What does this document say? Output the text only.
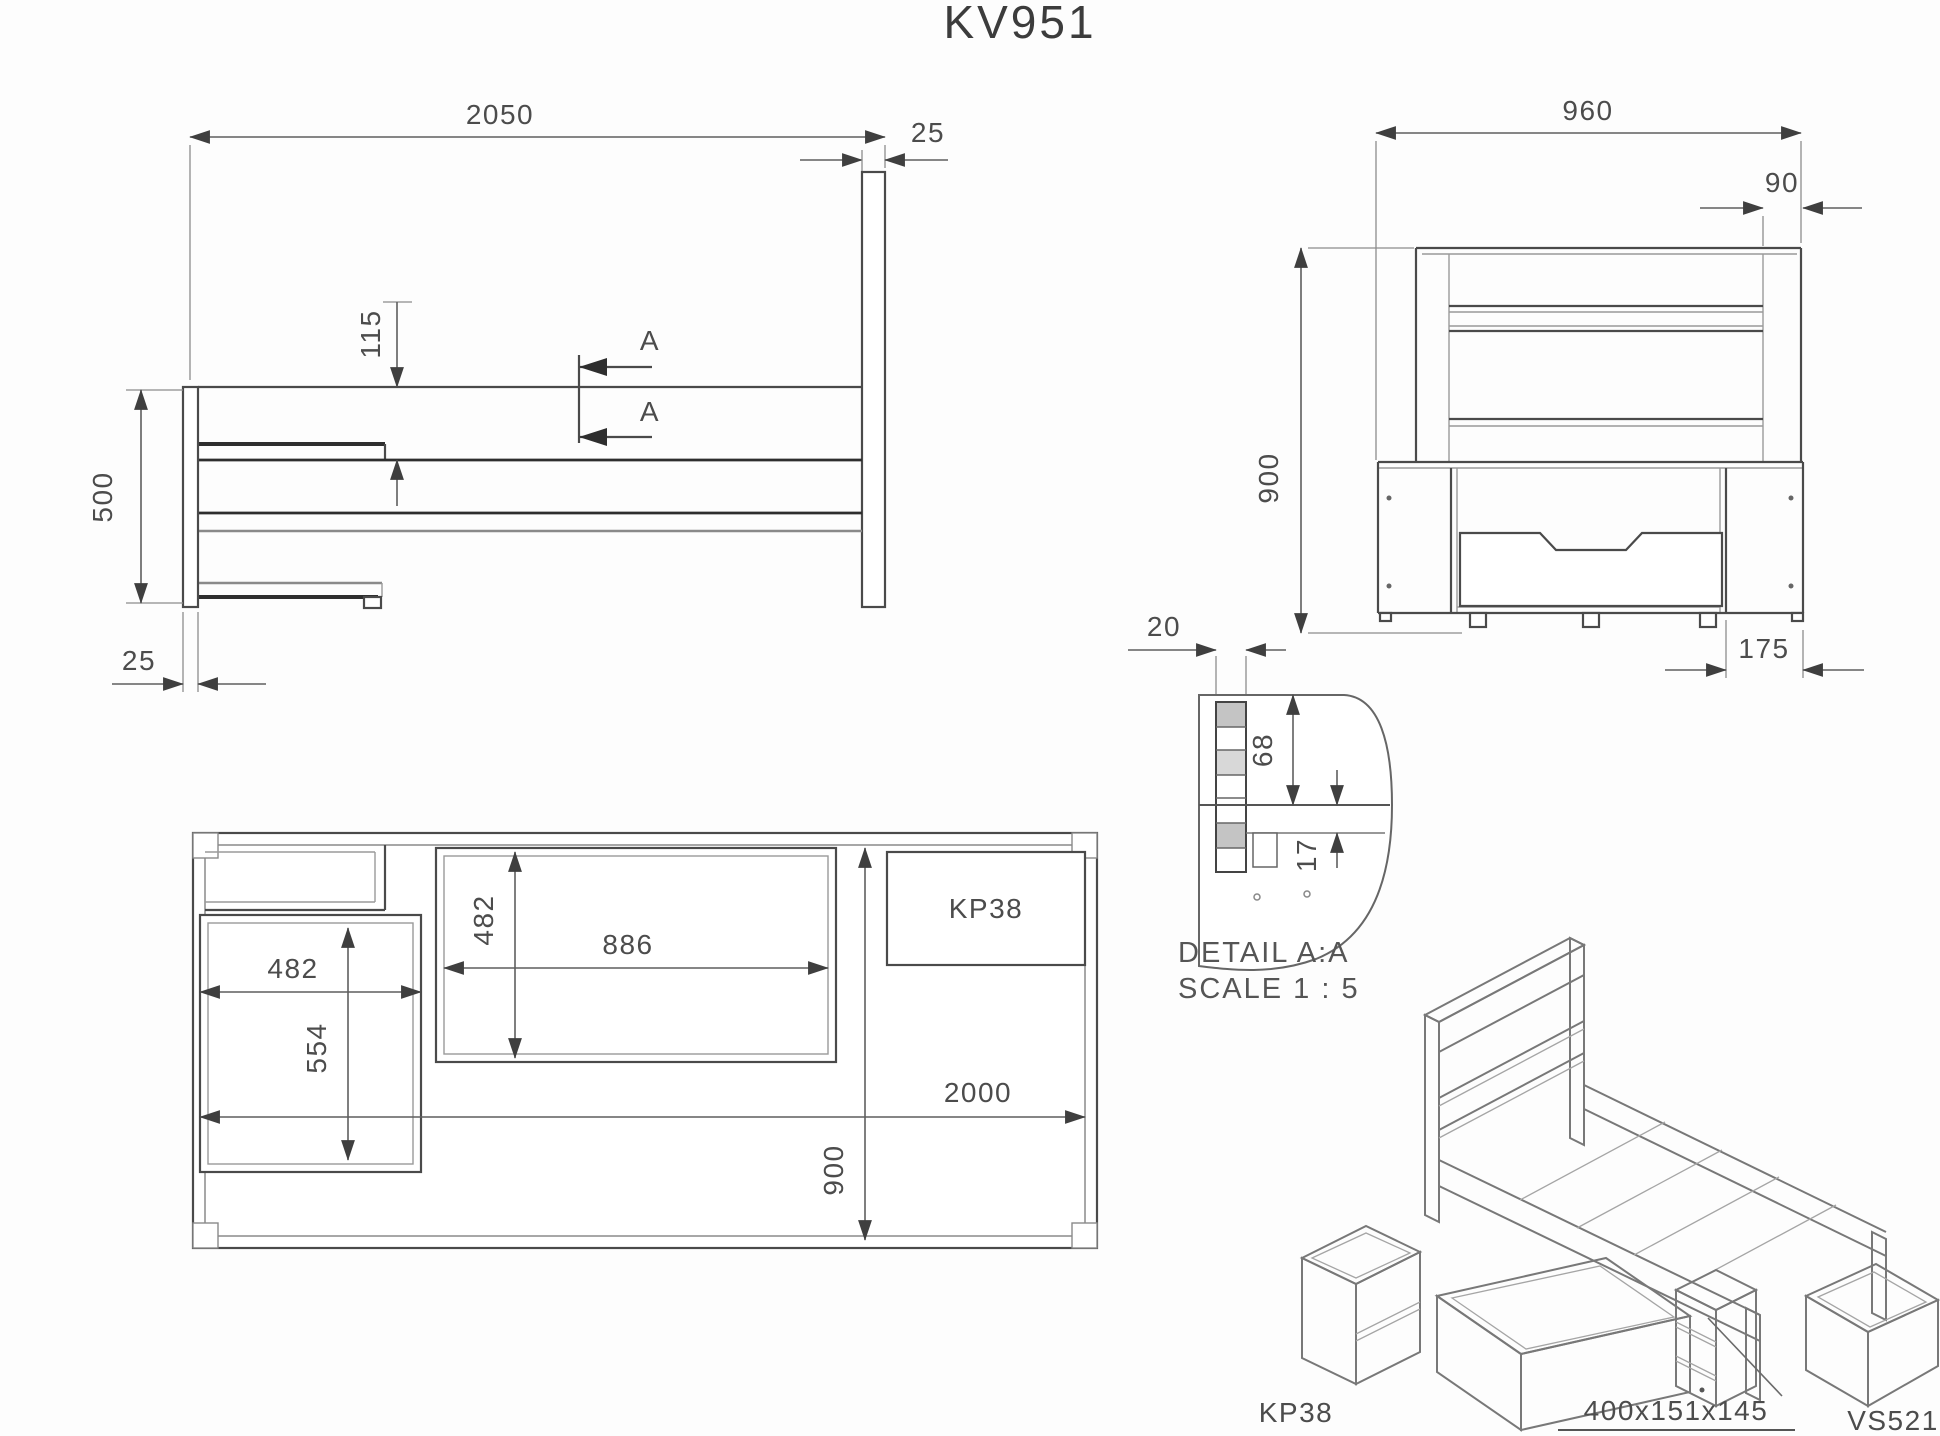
KV951
2050
25
500
115	A
A
25
960
90
900
175
482
554
482	886
KP38
2000
900
20
68
17
DETAIL A:A
SCALE 1 : 5
KP38	400x151x145	VS521
